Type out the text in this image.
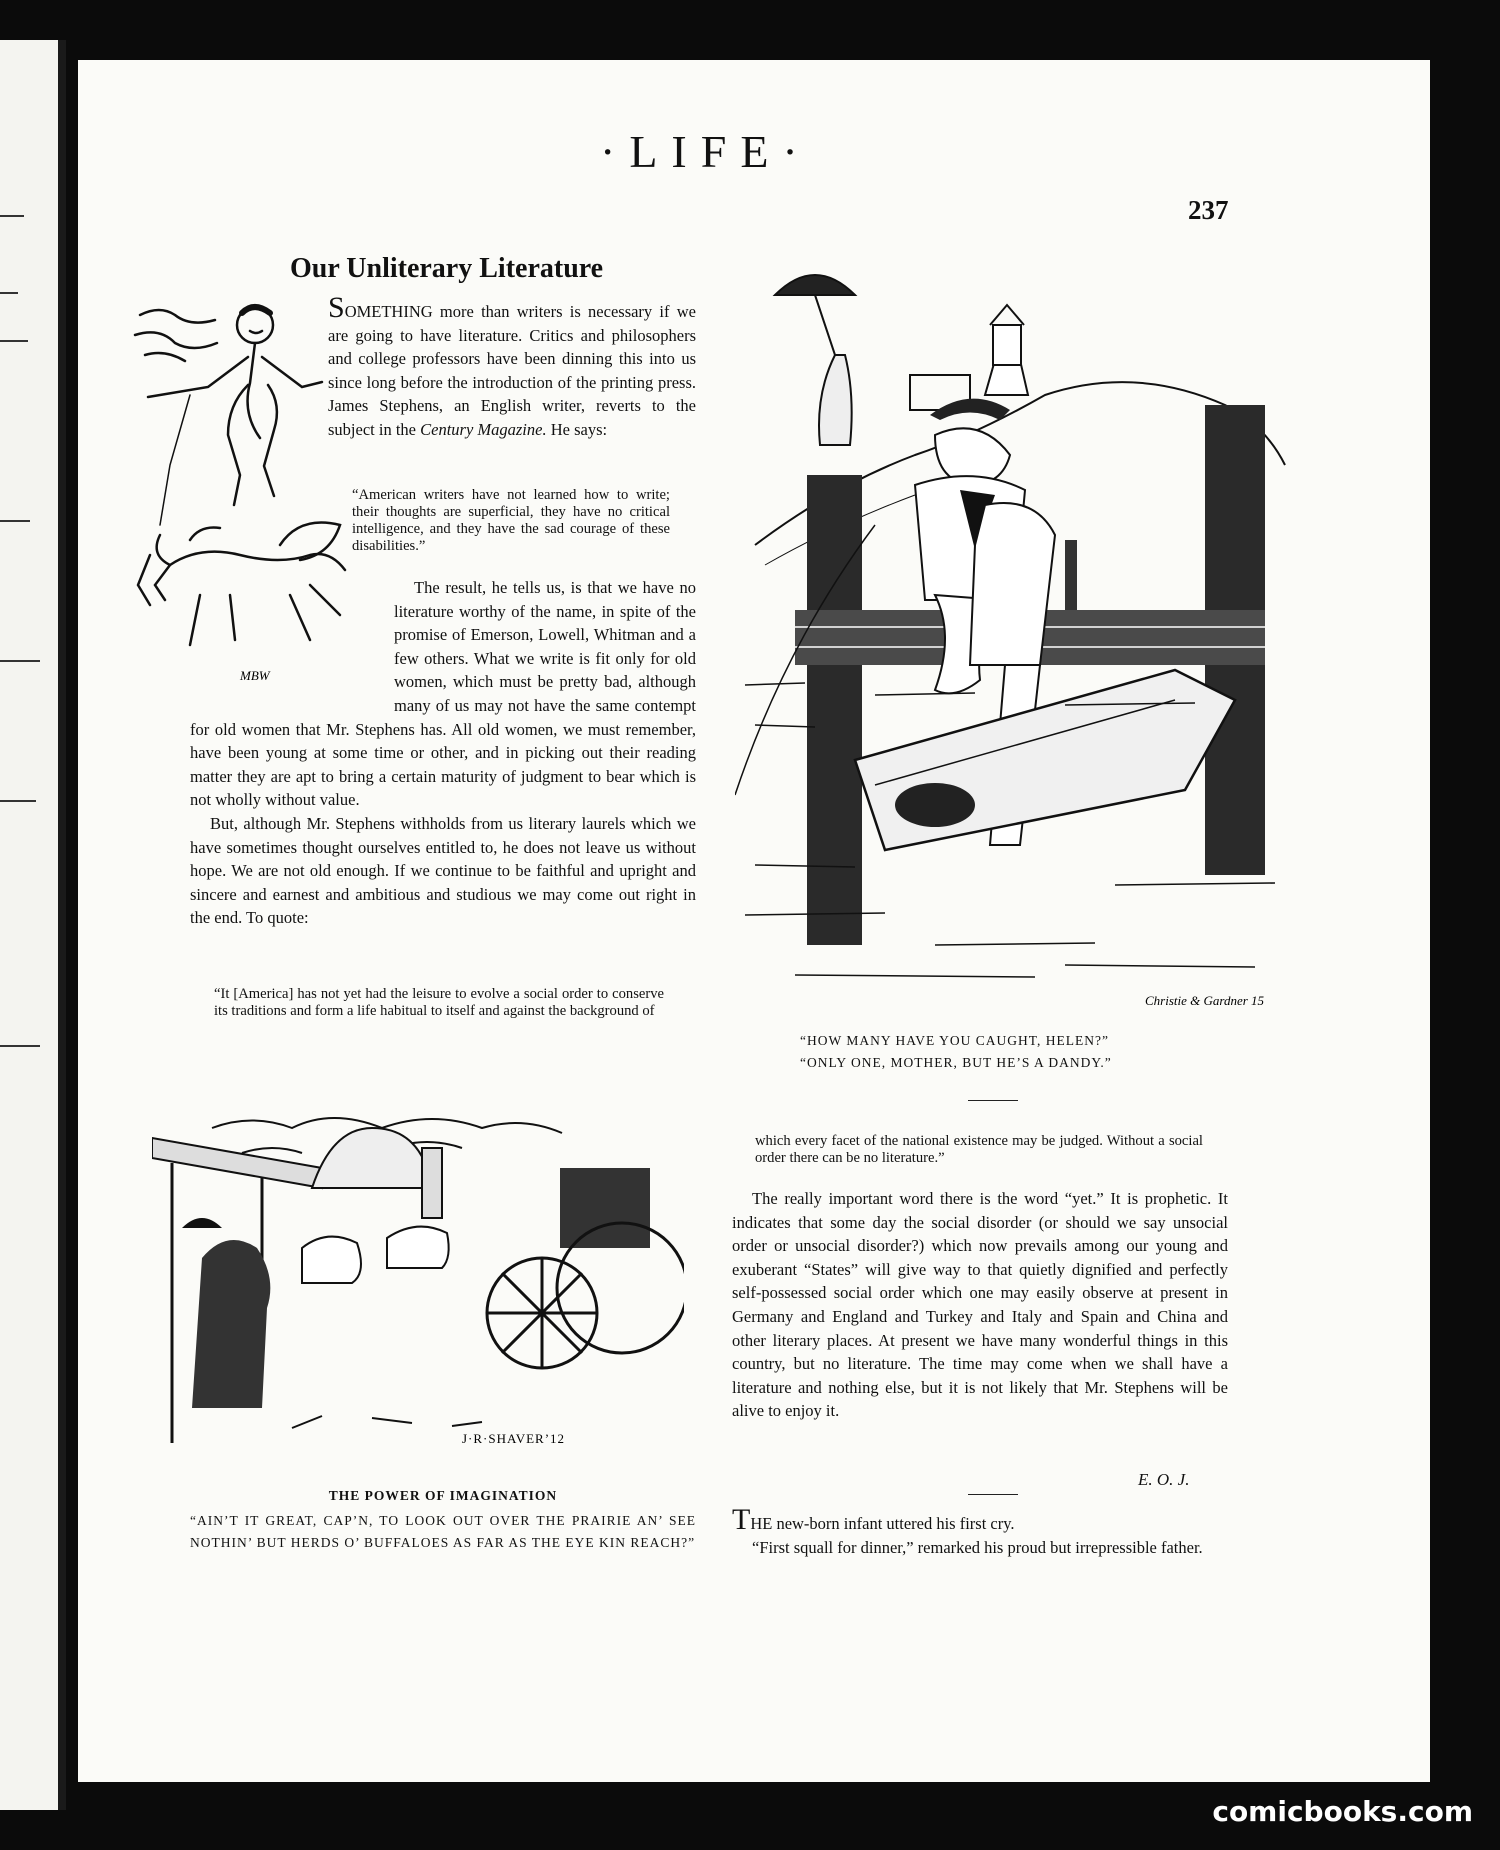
·LIFE·
237
Our Unliterary Literature
MBW

SOMETHING more than writers is necessary if we are going to have literature. Critics and philosophers and college professors have been dinning this into us since long before the introduction of the printing press. James Stephens, an English writer, reverts to the subject in the Century Magazine. He says:

“American writers have not learned how to write; their thoughts are superficial, they have no critical intelligence, and they have the sad courage of these disabilities.”

The result, he tells us, is that we have no literature worthy of the name, in spite of the promise of Emerson, Lowell, Whitman and a few others. What we write is fit only for old women, which must be pretty bad, although many of us may not have the same contempt for old women that Mr. Stephens has. All old women, we must remember, have been young at some time or other, and in picking out their reading matter they are apt to bring a certain maturity of judgment to bear which is not wholly without value.

But, although Mr. Stephens withholds from us literary laurels which we have sometimes thought ourselves entitled to, he does not leave us without hope. We are not old enough. If we continue to be faithful and upright and sincere and earnest and ambitious and studious we may come out right in the end. To quote:

“It [America] has not yet had the leisure to evolve a social order to conserve its traditions and form a life habitual to itself and against the background of

Christie & Gardner 15
“HOW MANY HAVE YOU CAUGHT, HELEN?”
“ONLY ONE, MOTHER, BUT HE’S A DANDY.”
J·R·SHAVER’12
THE POWER OF IMAGINATION
“AIN’T IT GREAT, CAP’N, TO LOOK OUT OVER THE PRAIRIE AN’ SEE NOTHIN’ BUT HERDS O’ BUFFALOES AS FAR AS THE EYE KIN REACH?”

which every facet of the national existence may be judged. Without a social order there can be no literature.”

The really important word there is the word “yet.” It is prophetic. It indicates that some day the social disorder (or should we say unsocial order or unsocial disorder?) which now prevails among our young and exuberant “States” will give way to that quietly dignified and perfectly self-possessed social order which one may easily observe at present in Germany and England and Turkey and Italy and Spain and China and other literary places. At present we have many wonderful things in this country, but no literature. The time may come when we shall have a literature and nothing else, but it is not likely that Mr. Stephens will be alive to enjoy it.

E. O. J.

THE new-born infant uttered his first cry.

“First squall for dinner,” remarked his proud but irrepressible father.

comicbooks.com
